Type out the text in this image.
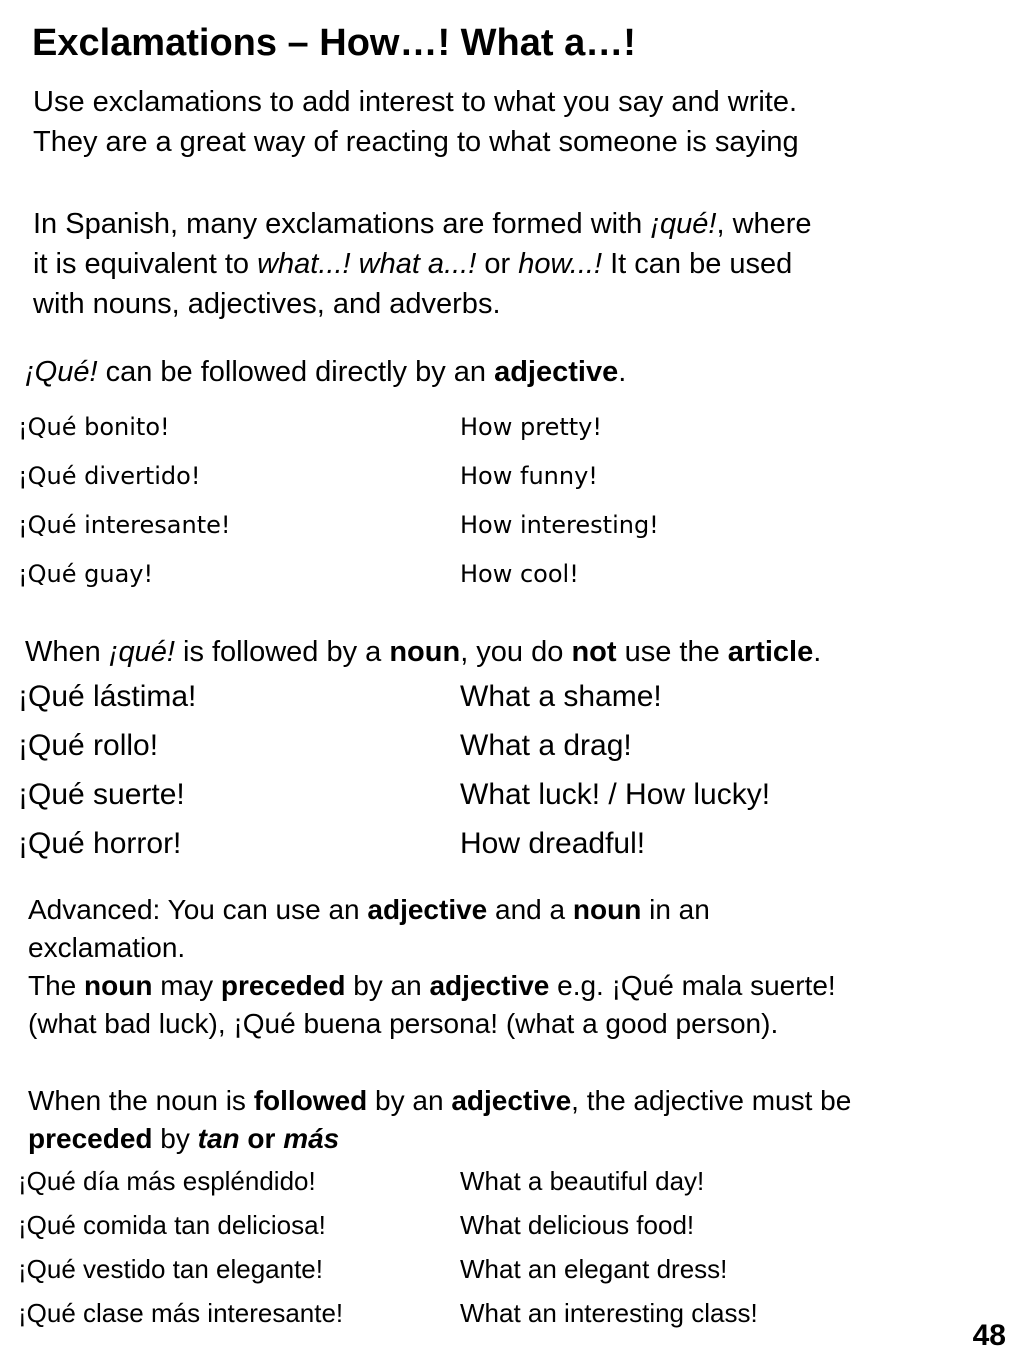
Exclamations – How…! What a…!
Use exclamations to add interest to what you say and write.
They are a great way of reacting to what someone is saying
In Spanish, many exclamations are formed with ¡qué!, where
it is equivalent to what...! what a...! or how...! It can be used
with nouns, adjectives, and adverbs.
¡Qué! can be followed directly by an adjective.
¡Qué bonito!	How pretty!
¡Qué divertido!	How funny!
¡Qué interesante!	How interesting!
¡Qué guay!	How cool!
When ¡qué! is followed by a noun, you do not use the article.
¡Qué lástima!	What a shame!
¡Qué rollo!	What a drag!
¡Qué suerte!	What luck! / How lucky!
¡Qué horror!	How dreadful!
Advanced: You can use an adjective and a noun in an
exclamation.
The noun may preceded by an adjective e.g. ¡Qué mala suerte!
(what bad luck), ¡Qué buena persona! (what a good person).
When the noun is followed by an adjective, the adjective must be
preceded by tan or más
¡Qué día más espléndido!	What a beautiful day!
¡Qué comida tan deliciosa!	What delicious food!
¡Qué vestido tan elegante!	What an elegant dress!
¡Qué clase más interesante!	What an interesting class!
48
